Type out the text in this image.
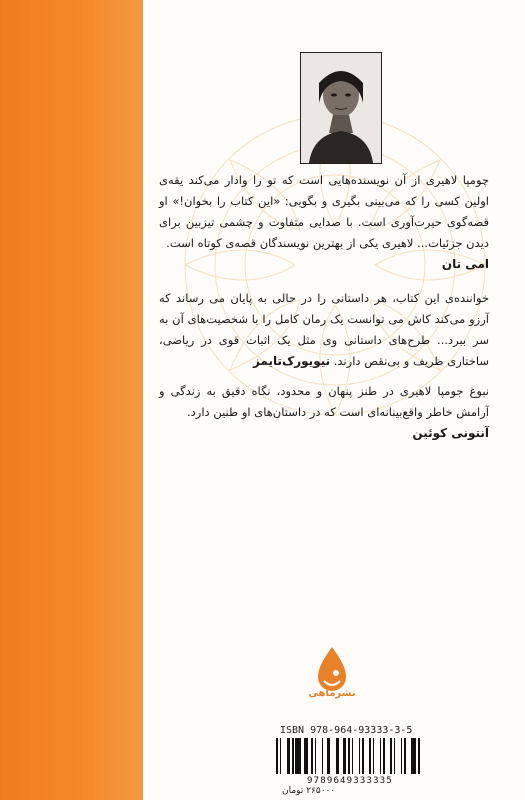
چومپا لاهیری از آن نویسنده‌هایی است که تو را وادار می‌کند یقه‌ی اولین کسی را که می‌بینی بگیری و بگویی: «این کتاب را بخوان!» او قصه‌گوی حیرت‌آوری است. با صدایی متفاوت و چشمی تیزبین برای دیدن جزئیات... لاهیری یکی از بهترین نویسندگان قصه‌ی کوتاه است.
امی تان
خواننده‌ی این کتاب، هر داستانی را در حالی به پایان می رساند که آرزو می‌کند کاش می توانست یک رمان کامل را با شخصیت‌های آن به سر ببرد... طرح‌های داستانی وی مثل یک اثبات قوی در ریاضی، ساختاری ظریف و بی‌نقص دارند. نیویورک‌تایمز
نبوغ جومپا لاهیری در طنز پنهان و محدود، نگاه دقیق به زندگی و آرامش خاطر واقع‌بینانه‌ای است که در داستان‌های او طنین دارد.
آنتونی کوئین
نشرماهی
ISBN 978-964-93333-3-5
9789649333335
۲۶۵۰۰۰ تومان
